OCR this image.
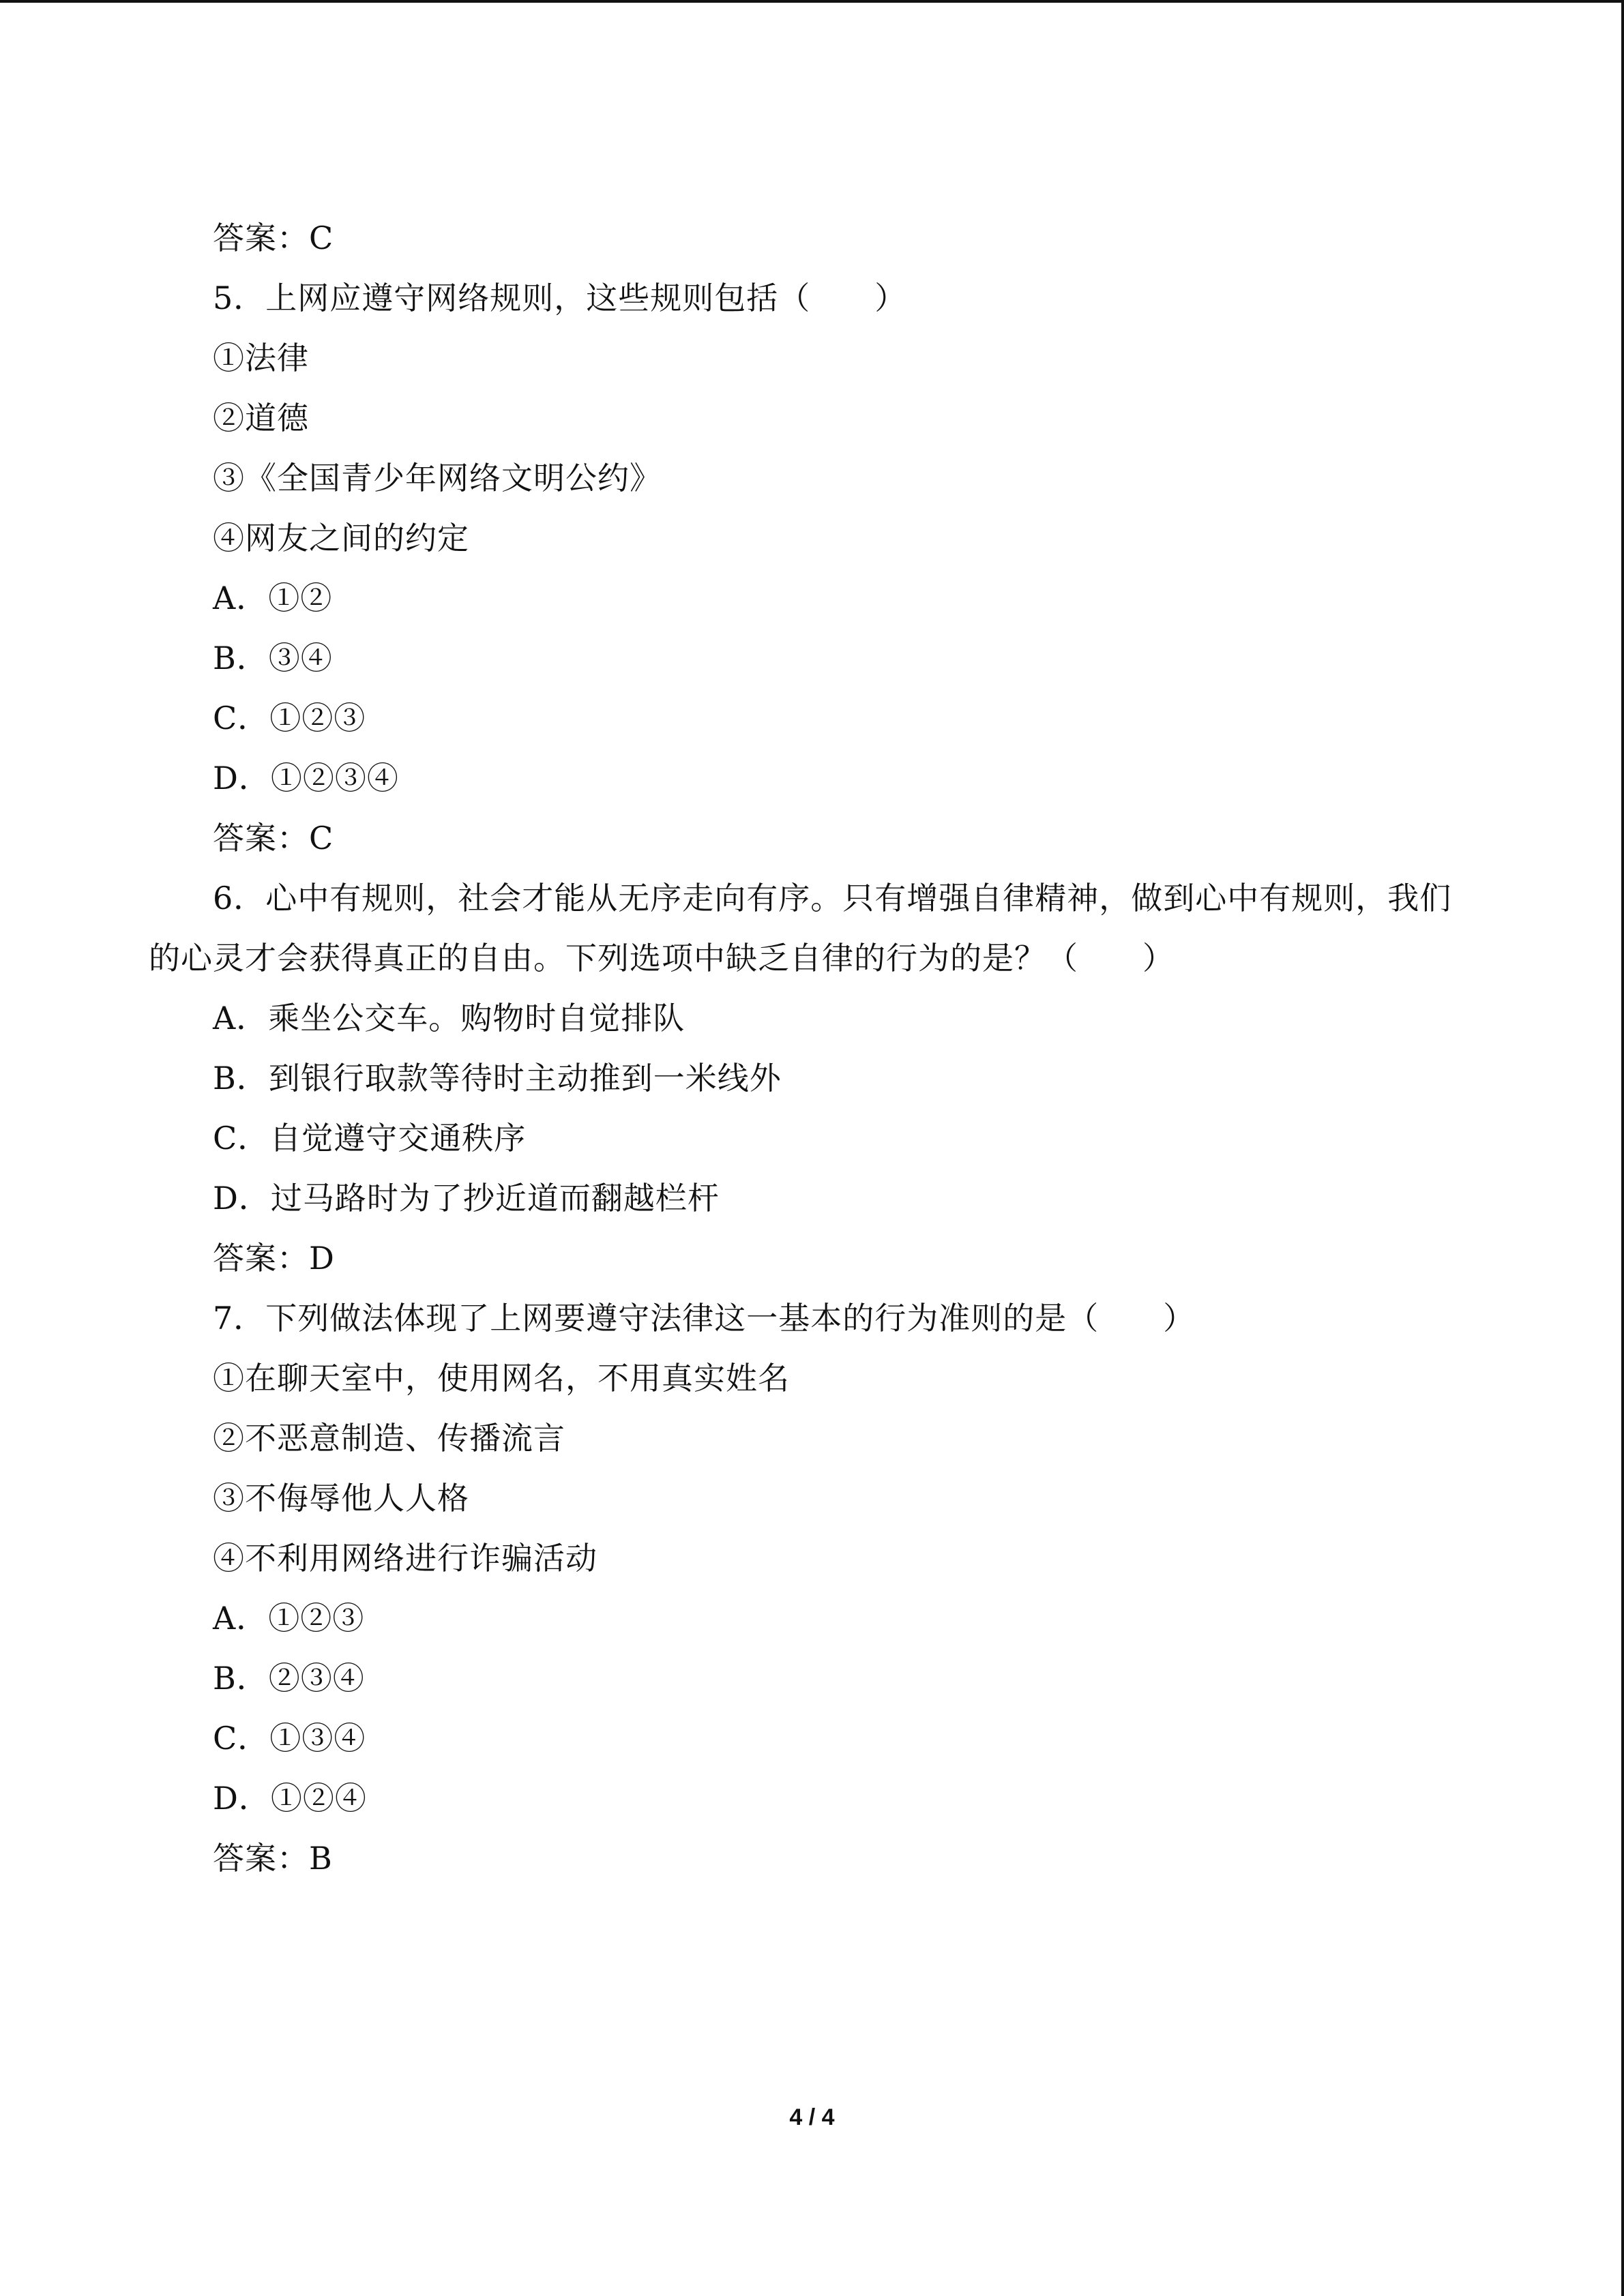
答案：C
5．上网应遵守网络规则，这些规则包括（　　）
①法律
②道德
③《全国青少年网络文明公约》
④网友之间的约定
A．①②
B．③④
C．①②③
D．①②③④
答案：C
6．心中有规则，社会才能从无序走向有序。只有增强自律精神，做到心中有规则，我们
的心灵才会获得真正的自由。下列选项中缺乏自律的行为的是？（　　）
A．乘坐公交车。购物时自觉排队
B．到银行取款等待时主动推到一米线外
C．自觉遵守交通秩序
D．过马路时为了抄近道而翻越栏杆
答案：D
7．下列做法体现了上网要遵守法律这一基本的行为准则的是（　　）
①在聊天室中，使用网名，不用真实姓名
②不恶意制造、传播流言
③不侮辱他人人格
④不利用网络进行诈骗活动
A．①②③
B．②③④
C．①③④
D．①②④
答案：B
4 / 4
